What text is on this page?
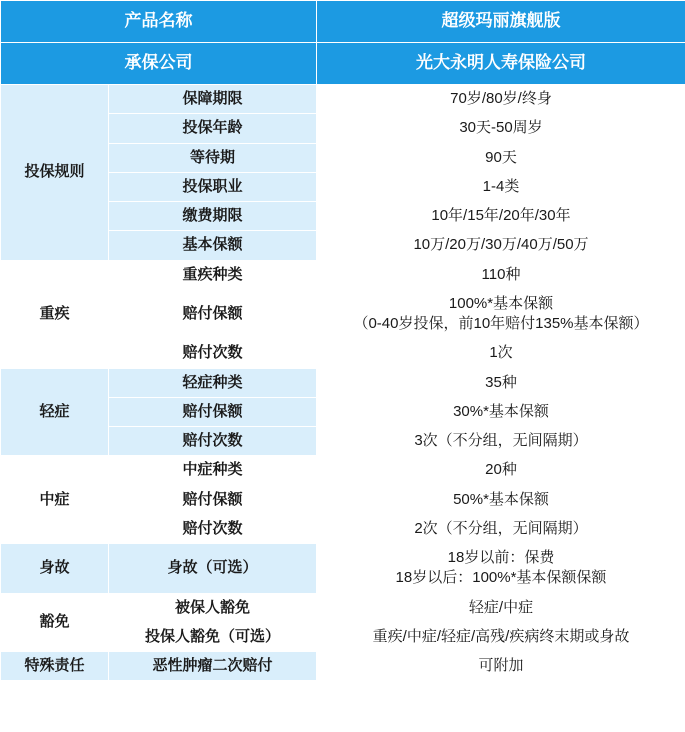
产品名称		超级玛丽旗舰版
承保公司		光大永明人寿保险公司
投保规则	保障期限	70岁/80岁/终身
	投保年龄	30天-50周岁
	等待期	90天
	投保职业	1-4类
	缴费期限	10年/15年/20年/30年
	基本保额	10万/20万/30万/40万/50万
重疾	重疾种类	110种
	赔付保额	100%*基本保额
（0-40岁投保，前10年赔付135%基本保额）
	赔付次数	1次
轻症	轻症种类	35种
	赔付保额	30%*基本保额
	赔付次数	3次（不分组，无间隔期）
中症	中症种类	20种
	赔付保额	50%*基本保额
	赔付次数	2次（不分组，无间隔期）
身故	身故（可选）	18岁以前：保费
18岁以后：100%*基本保额保额
豁免	被保人豁免	轻症/中症
	投保人豁免（可选）	重疾/中症/轻症/高残/疾病终末期或身故
特殊责任	恶性肿瘤二次赔付	可附加
